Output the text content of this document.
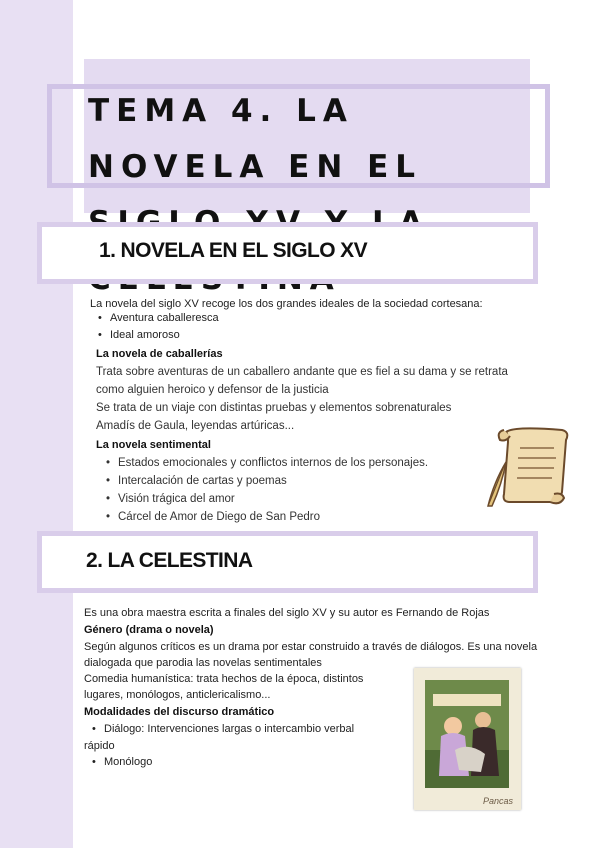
TEMA 4. LA NOVELA EN EL

1. NOVELA EN EL SIGLO XV

La novela del siglo XV recoge los dos grandes ideales de la sociedad cortesana:

• Aventura caballeresca

• Ideal amoroso

La novela de caballerías

Trata sobre aventuras de un caballero andante que es fiel a su dama y se retrata

como alguien heroico y defensor de la justicia

Se trata de un viaje con distintas pruebas y elementos sobrenaturales

Amadís de Gaula, leyendas artúricas...

La novela sentimental

• Estados emocionales y conflictos internos de los personajes.

• Intercalación de cartas y poemas

• Visión trágica del amor

• Cárcel de Amor de Diego de San Pedro

2. LA CELESTINA

Es una obra maestra escrita a finales del siglo XV y su autor es Fernando de Rojas

Género (drama o novela)

Según algunos críticos es un drama por estar construido a través de diálogos. Es una novela

dialogada que parodia las novelas sentimentales

Comedia humanística: trata hechos de la época, distintos

lugares, monólogos, anticlericalismo...

Modalidades del discurso dramático

• Diálogo: Intervenciones largas o intercambio verbal

rápido

• Monólogo

Pancas
